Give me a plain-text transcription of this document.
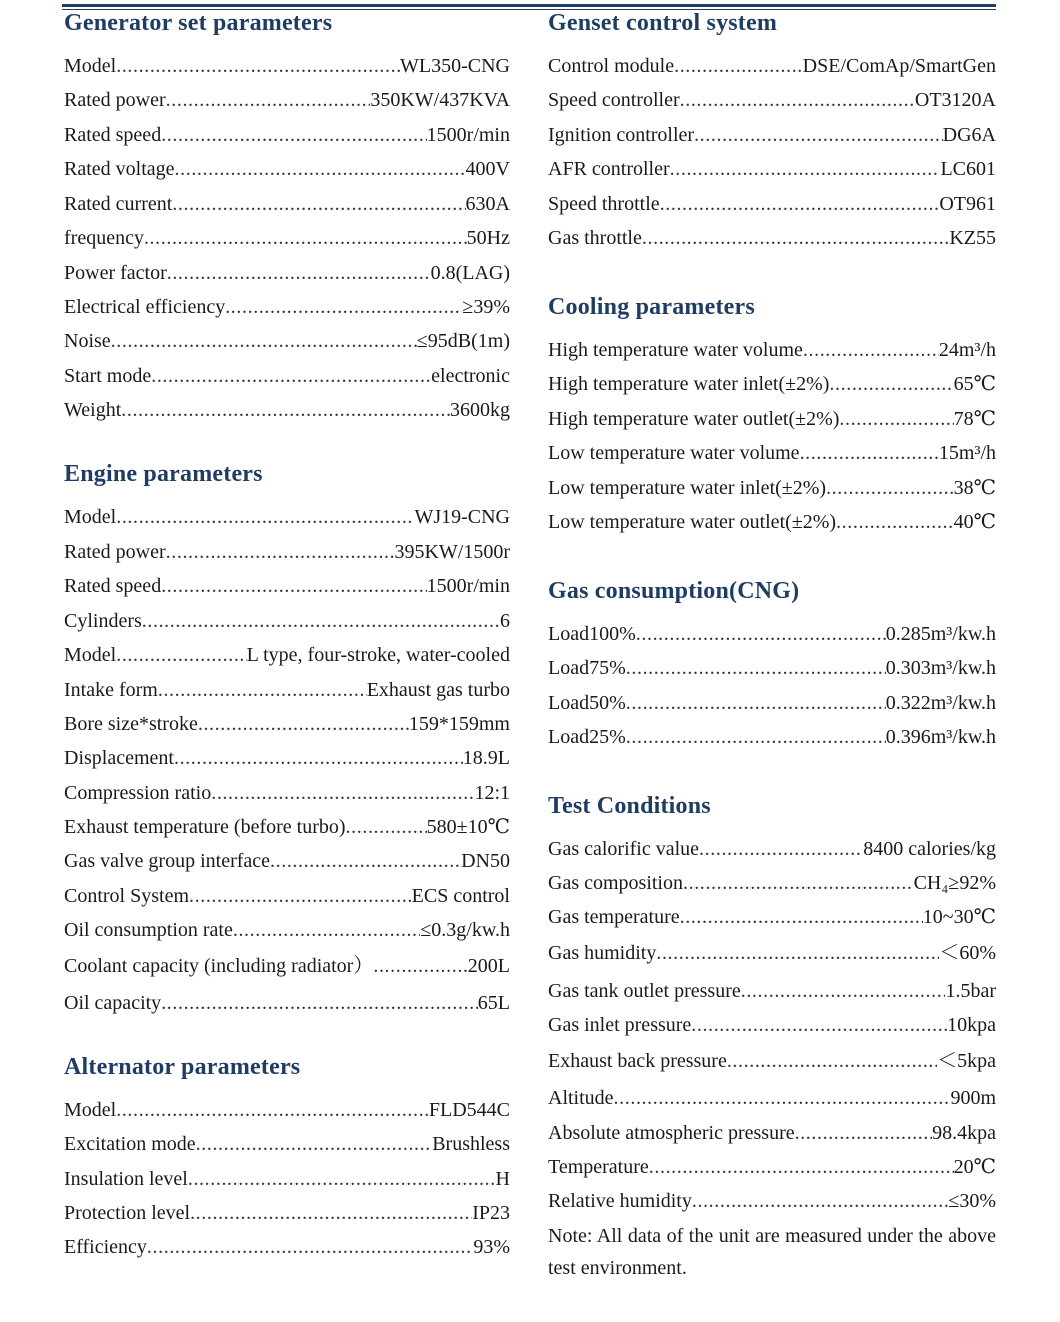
Generator set parameters
Model .....	WL350-CNG
Rated power .....	350KW/437KVA
Rated speed .....	1500r/min
Rated voltage .....	400V
Rated current .....	630A
frequency .....	50Hz
Power factor .....	0.8(LAG)
Electrical efficiency .....	≥39%
Noise .....	≤95dB(1m)
Start mode .....	electronic
Weight .....	3600kg
Engine parameters
Model .....	WJ19-CNG
Rated power .....	395KW/1500r
Rated speed .....	1500r/min
Cylinders .....	6
Model .....	L type, four-stroke, water-cooled
Intake form .....	Exhaust gas turbo
Bore size*stroke .....	159*159mm
Displacement .....	18.9L
Compression ratio .....	12:1
Exhaust temperature (before turbo) .....	580±10℃
Gas valve group interface .....	DN50
Control System .....	ECS control
Oil consumption rate .....	≤0.3g/kw.h
Coolant capacity (including radiator） .....	200L
Oil capacity .....	65L
Alternator parameters
Model .....	FLD544C
Excitation mode .....	Brushless
Insulation level .....	H
Protection level .....	IP23
Efficiency .....	93%
Genset control system
Control module .....	DSE/ComAp/SmartGen
Speed controller .....	OT3120A
Ignition controller .....	DG6A
AFR controller .....	LC601
Speed throttle .....	OT961
Gas throttle .....	KZ55
Cooling parameters
High temperature water volume .....	24m³/h
High temperature water inlet(±2%) .....	65℃
High temperature water outlet(±2%) .....	78℃
Low temperature water volume .....	15m³/h
Low temperature water inlet(±2%) .....	38℃
Low temperature water outlet(±2%) .....	40℃
Gas consumption(CNG)
Load100% .....	0.285m³/kw.h
Load75% .....	0.303m³/kw.h
Load50% .....	0.322m³/kw.h
Load25% .....	0.396m³/kw.h
Test Conditions
Gas calorific value .....	8400 calories/kg
Gas composition .....	CH₄≥92%
Gas temperature .....	10~30℃
Gas humidity .....	＜60%
Gas tank outlet pressure .....	1.5bar
Gas inlet pressure .....	10kpa
Exhaust back pressure .....	＜5kpa
Altitude .....	900m
Absolute atmospheric pressure .....	98.4kpa
Temperature .....	20℃
Relative humidity .....	≤30%
Note: All data of the unit are measured under the above test environment.
